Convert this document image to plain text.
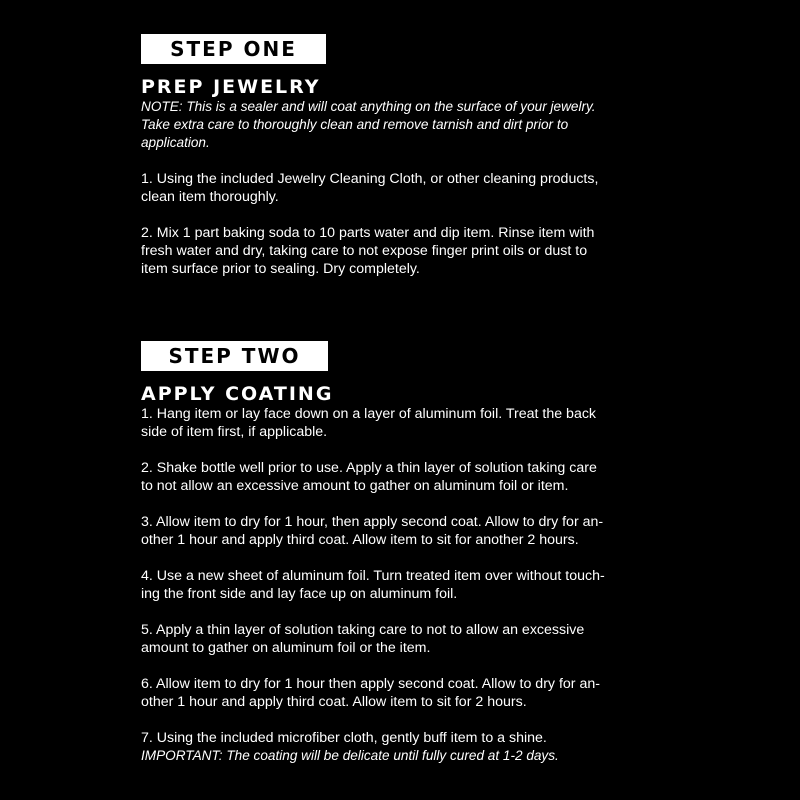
STEP ONE
PREP JEWELRY

NOTE: This is a sealer and will coat anything on the surface of your jewelry.
Take extra care to thoroughly clean and remove tarnish and dirt prior to
application.

1. Using the included Jewelry Cleaning Cloth, or other cleaning products,
clean item thoroughly.

2. Mix 1 part baking soda to 10 parts water and dip item. Rinse item with
fresh water and dry, taking care to not expose finger print oils or dust to
item surface prior to sealing. Dry completely.

STEP TWO
APPLY COATING

1. Hang item or lay face down on a layer of aluminum foil. Treat the back
side of item first, if applicable.

2. Shake bottle well prior to use. Apply a thin layer of solution taking care
to not allow an excessive amount to gather on aluminum foil or item.

3. Allow item to dry for 1 hour, then apply second coat. Allow to dry for an-
other 1 hour and apply third coat. Allow item to sit for another 2 hours.

4. Use a new sheet of aluminum foil. Turn treated item over without touch-
ing the front side and lay face up on aluminum foil.

5. Apply a thin layer of solution taking care to not to allow an excessive
amount to gather on aluminum foil or the item.

6. Allow item to dry for 1 hour then apply second coat. Allow to dry for an-
other 1 hour and apply third coat. Allow item to sit for 2 hours.

7. Using the included microfiber cloth, gently buff item to a shine.

IMPORTANT: The coating will be delicate until fully cured at 1-2 days.
